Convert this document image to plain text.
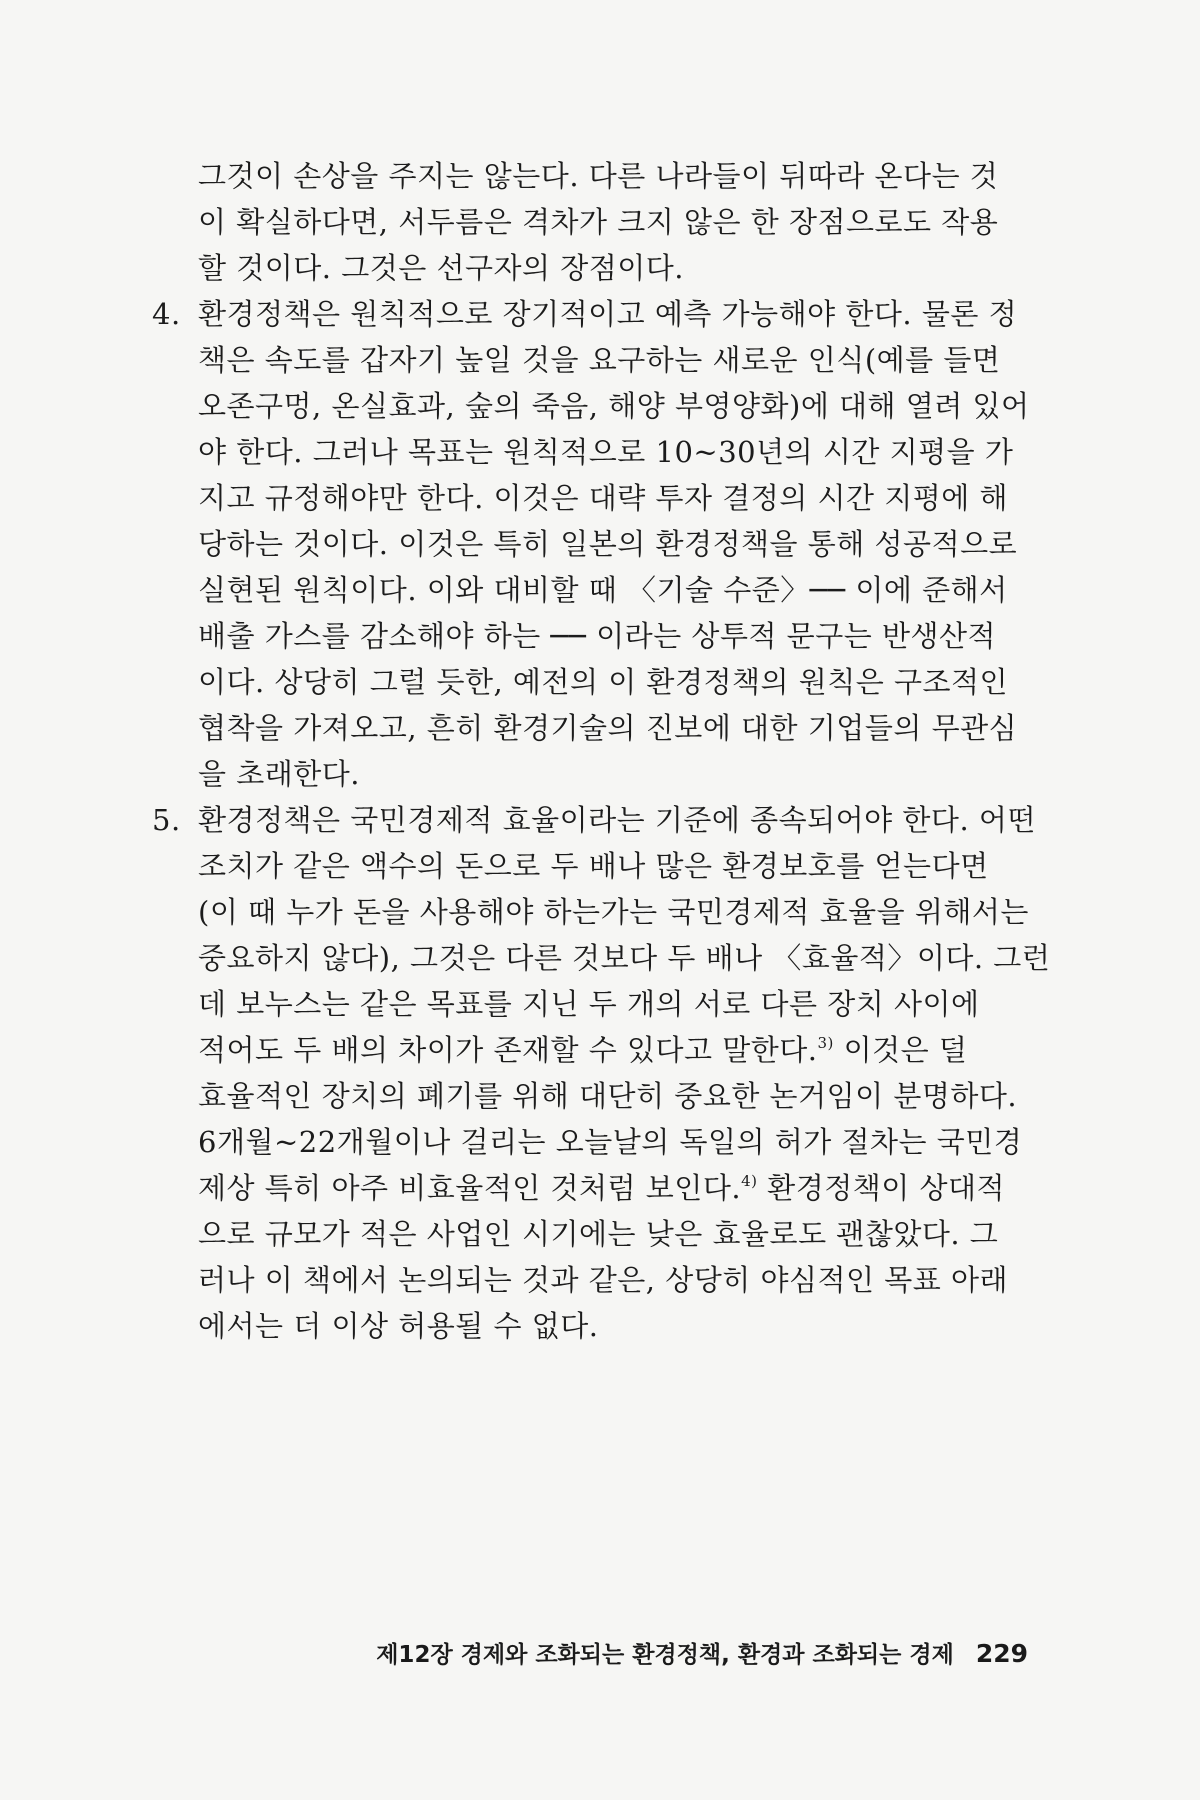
그것이 손상을 주지는 않는다. 다른 나라들이 뒤따라 온다는 것
이 확실하다면, 서두름은 격차가 크지 않은 한 장점으로도 작용
할 것이다. 그것은 선구자의 장점이다.
4. 환경정책은 원칙적으로 장기적이고 예측 가능해야 한다. 물론 정
책은 속도를 갑자기 높일 것을 요구하는 새로운 인식(예를 들면
오존구멍, 온실효과, 숲의 죽음, 해양 부영양화)에 대해 열려 있어
야 한다. 그러나 목표는 원칙적으로 10~30년의 시간 지평을 가
지고 규정해야만 한다. 이것은 대략 투자 결정의 시간 지평에 해
당하는 것이다. 이것은 특히 일본의 환경정책을 통해 성공적으로
실현된 원칙이다. 이와 대비할 때 〈기술 수준〉── 이에 준해서
배출 가스를 감소해야 하는 ── 이라는 상투적 문구는 반생산적
이다. 상당히 그럴 듯한, 예전의 이 환경정책의 원칙은 구조적인
협착을 가져오고, 흔히 환경기술의 진보에 대한 기업들의 무관심
을 초래한다.
5. 환경정책은 국민경제적 효율이라는 기준에 종속되어야 한다. 어떤
조치가 같은 액수의 돈으로 두 배나 많은 환경보호를 얻는다면
(이 때 누가 돈을 사용해야 하는가는 국민경제적 효율을 위해서는
중요하지 않다), 그것은 다른 것보다 두 배나 〈효율적〉이다. 그런
데 보누스는 같은 목표를 지닌 두 개의 서로 다른 장치 사이에
적어도 두 배의 차이가 존재할 수 있다고 말한다.$^{3)}$ 이것은 덜
효율적인 장치의 폐기를 위해 대단히 중요한 논거임이 분명하다.
6개월~22개월이나 걸리는 오늘날의 독일의 허가 절차는 국민경
제상 특히 아주 비효율적인 것처럼 보인다.$^{4)}$ 환경정책이 상대적
으로 규모가 적은 사업인 시기에는 낮은 효율로도 괜찮았다. 그
러나 이 책에서 논의되는 것과 같은, 상당히 야심적인 목표 아래
에서는 더 이상 허용될 수 없다.
제12장 경제와 조화되는 환경정책, 환경과 조화되는 경제 229
